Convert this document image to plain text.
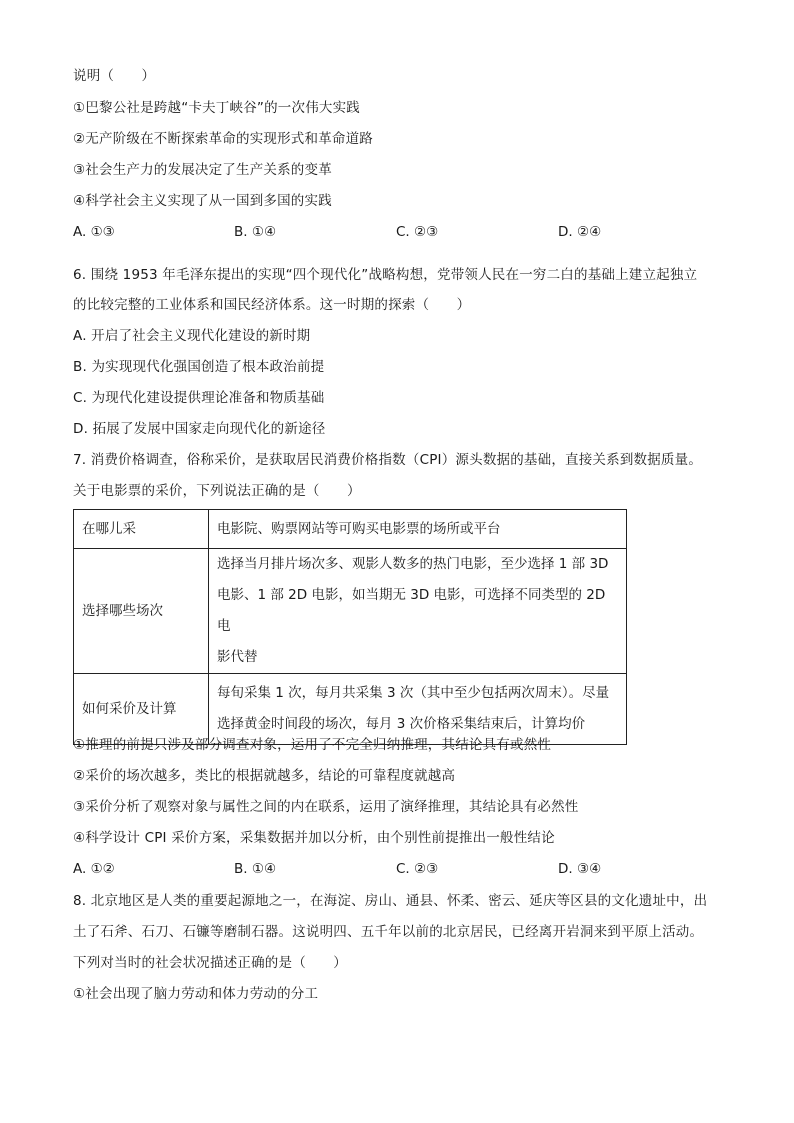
说明（　　）
①巴黎公社是跨越“卡夫丁峡谷”的一次伟大实践
②无产阶级在不断探索革命的实现形式和革命道路
③社会生产力的发展决定了生产关系的变革
④科学社会主义实现了从一国到多国的实践
A. ①③	B. ①④	C. ②③	D. ②④
6. 围绕 1953 年毛泽东提出的实现“四个现代化”战略构想，党带领人民在一穷二白的基础上建立起独立
的比较完整的工业体系和国民经济体系。这一时期的探索（　　）
A. 开启了社会主义现代化建设的新时期
B. 为实现现代化强国创造了根本政治前提
C. 为现代化建设提供理论准备和物质基础
D. 拓展了发展中国家走向现代化的新途径
7. 消费价格调查，俗称采价，是获取居民消费价格指数（CPI）源头数据的基础，直接关系到数据质量。
关于电影票的采价，下列说法正确的是（　　）
在哪儿采	电影院、购票网站等可购买电影票的场所或平台
选择哪些场次	选择当月排片场次多、观影人数多的热门电影，至少选择 1 部 3D
电影、1 部 2D 电影，如当期无 3D 电影，可选择不同类型的 2D 电
影代替

如何采价及计算	每旬采集 1 次，每月共采集 3 次（其中至少包括两次周末）。尽量
选择黄金时间段的场次，每月 3 次价格采集结束后，计算均价
①推理的前提只涉及部分调查对象，运用了不完全归纳推理，其结论具有或然性
②采价的场次越多，类比的根据就越多，结论的可靠程度就越高
③采价分析了观察对象与属性之间的内在联系，运用了演绎推理，其结论具有必然性
④科学设计 CPI 采价方案，采集数据并加以分析，由个别性前提推出一般性结论
A. ①②	B. ①④	C. ②③	D. ③④
8. 北京地区是人类的重要起源地之一，在海淀、房山、通县、怀柔、密云、延庆等区县的文化遗址中，出
土了石斧、石刀、石镰等磨制石器。这说明四、五千年以前的北京居民，已经离开岩洞来到平原上活动。
下列对当时的社会状况描述正确的是（　　）
①社会出现了脑力劳动和体力劳动的分工
